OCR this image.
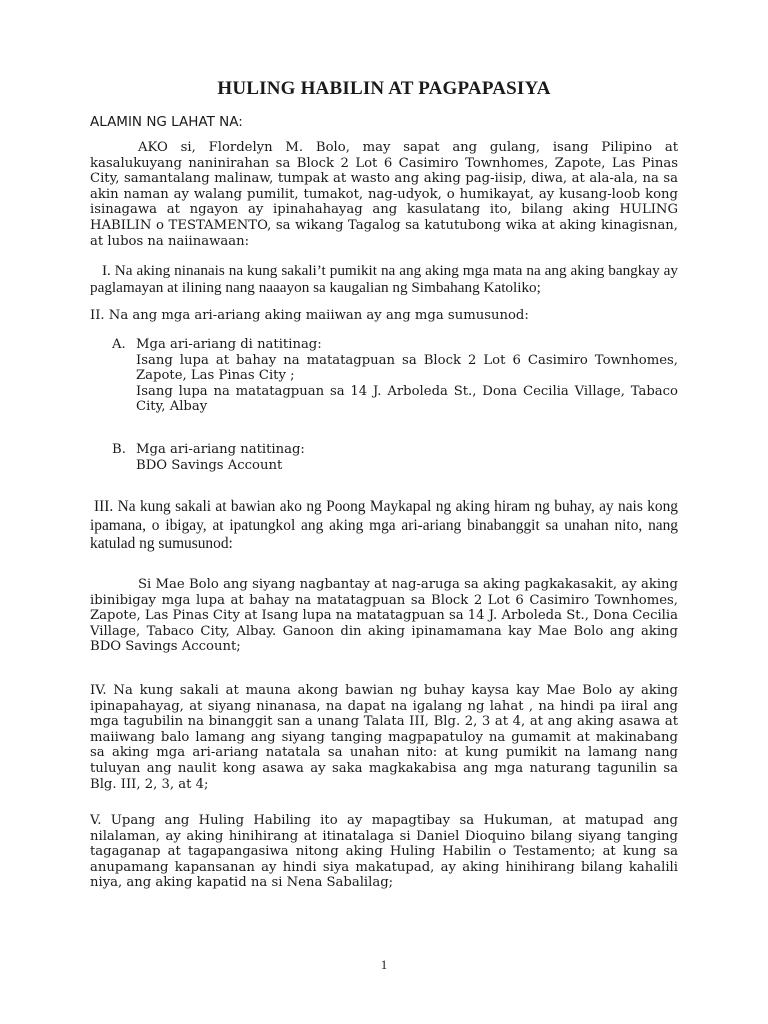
HULING HABILIN AT PAGPAPASIYA

ALAMIN NG LAHAT NA:

AKO si, Flordelyn M. Bolo, may sapat ang gulang, isang Pilipino at kasalukuyang naninirahan sa Block 2 Lot 6 Casimiro Townhomes, Zapote, Las Pinas City, samantalang malinaw, tumpak at wasto ang aking pag-iisip, diwa, at ala-ala, na sa akin naman ay walang pumilit, tumakot, nag-udyok, o humikayat, ay kusang-loob kong isinagawa at ngayon ay ipinahahayag ang kasulatang ito, bilang aking HULING HABILIN o TESTAMENTO, sa wikang Tagalog sa katutubong wika at aking kinagisnan, at lubos na naiinawaan:

I. Na aking ninanais na kung sakali’t pumikit na ang aking mga mata na ang aking bangkay ay paglamayan at ilining nang naaayon sa kaugalian ng Simbahang Katoliko;

II. Na ang mga ari-ariang aking maiiwan ay ang mga sumusunod:

A. Mga ari-ariang di natitinag:
Isang lupa at bahay na matatagpuan sa Block 2 Lot 6 Casimiro Townhomes, Zapote, Las Pinas City ;
Isang lupa na matatagpuan sa 14 J. Arboleda St., Dona Cecilia Village, Tabaco City, Albay
B. Mga ari-ariang natitinag:
BDO Savings Account

III. Na kung sakali at bawian ako ng Poong Maykapal ng aking hiram ng buhay, ay nais kong ipamana, o ibigay, at ipatungkol ang aking mga ari-ariang binabanggit sa unahan nito, nang katulad ng sumusunod:

Si Mae Bolo ang siyang nagbantay at nag-aruga sa aking pagkakasakit, ay aking ibinibigay mga lupa at bahay na matatagpuan sa Block 2 Lot 6 Casimiro Townhomes, Zapote, Las Pinas City at Isang lupa na matatagpuan sa 14 J. Arboleda St., Dona Cecilia Village, Tabaco City, Albay. Ganoon din aking ipinamamana kay Mae Bolo ang aking BDO Savings Account;

IV. Na kung sakali at mauna akong bawian ng buhay kaysa kay Mae Bolo ay aking ipinapahayag, at siyang ninanasa, na dapat na igalang ng lahat , na hindi pa iiral ang mga tagubilin na binanggit san a unang Talata III, Blg. 2, 3 at 4, at ang aking asawa at maiiwang balo lamang ang siyang tanging magpapatuloy na gumamit at makinabang sa aking mga ari-ariang natatala sa unahan nito: at kung pumikit na lamang nang tuluyan ang naulit kong asawa ay saka magkakabisa ang mga naturang tagunilin sa Blg. III, 2, 3, at 4;

V. Upang ang Huling Habiling ito ay mapagtibay sa Hukuman, at matupad ang nilalaman, ay aking hinihirang at itinatalaga si Daniel Dioquino bilang siyang tanging tagaganap at tagapangasiwa nitong aking Huling Habilin o Testamento; at kung sa anupamang kapansanan ay hindi siya makatupad, ay aking hinihirang bilang kahalili niya, ang aking kapatid na si Nena Sabalilag;

1
